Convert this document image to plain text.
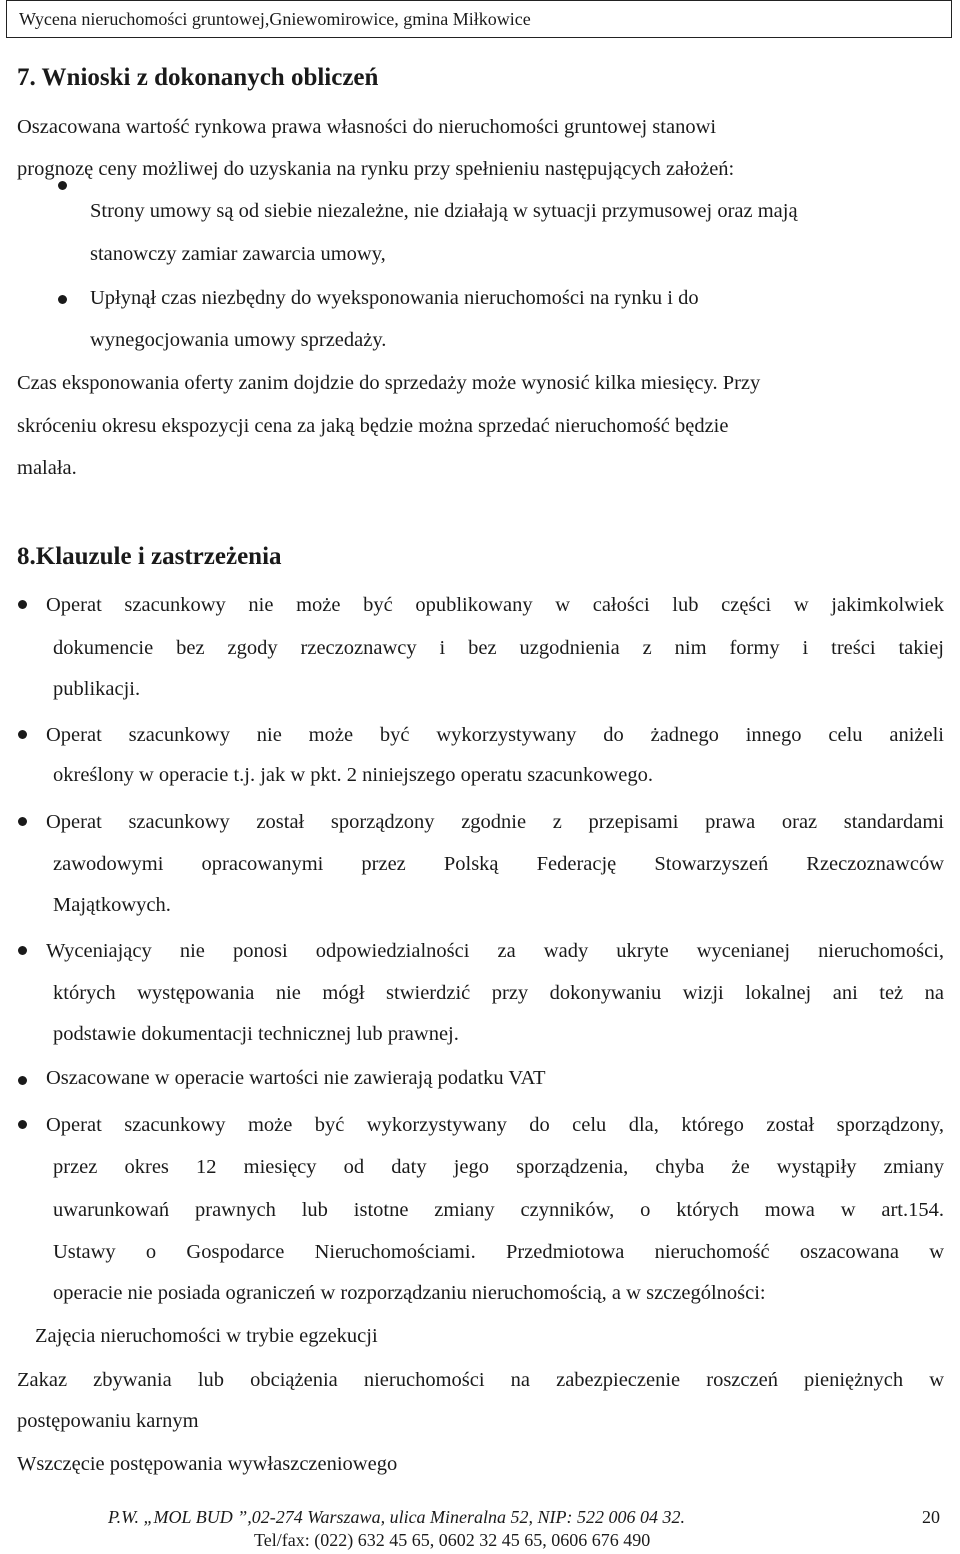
Wycena nieruchomości gruntowej,Gniewomirowice, gmina Miłkowice
7. Wnioski z dokonanych obliczeń
Oszacowana wartość rynkowa prawa własności do nieruchomości gruntowej stanowi
prognozę ceny możliwej do uzyskania na rynku przy spełnieniu następujących założeń:
Strony umowy są od siebie niezależne, nie działają w sytuacji przymusowej oraz mają
stanowczy zamiar zawarcia umowy,
Upłynął czas niezbędny do wyeksponowania nieruchomości na rynku i do
wynegocjowania umowy sprzedaży.
Czas eksponowania oferty zanim dojdzie do sprzedaży może wynosić kilka miesięcy. Przy
skróceniu okresu ekspozycji cena za jaką będzie można sprzedać nieruchomość będzie
malała.
8.Klauzule i zastrzeżenia
Operat szacunkowy nie może być opublikowany w całości lub części w jakimkolwiek
dokumencie bez zgody rzeczoznawcy i bez uzgodnienia z nim formy i treści takiej
publikacji.
Operat szacunkowy nie może być wykorzystywany do żadnego innego celu aniżeli
określony w operacie t.j. jak w pkt. 2 niniejszego operatu szacunkowego.
Operat szacunkowy został sporządzony zgodnie z przepisami prawa oraz standardami
zawodowymi opracowanymi przez Polską Federację Stowarzyszeń Rzeczoznawców
Majątkowych.
Wyceniający nie ponosi odpowiedzialności za wady ukryte wycenianej nieruchomości,
których występowania nie mógł stwierdzić przy dokonywaniu wizji lokalnej ani też na
podstawie dokumentacji technicznej lub prawnej.
Oszacowane w operacie wartości nie zawierają podatku VAT
Operat szacunkowy może być wykorzystywany do celu dla, którego został sporządzony,
przez okres 12 miesięcy od daty jego sporządzenia, chyba że wystąpiły zmiany
uwarunkowań prawnych lub istotne zmiany czynników, o których mowa w art.154.
Ustawy o Gospodarce Nieruchomościami. Przedmiotowa nieruchomość oszacowana w
operacie nie posiada ograniczeń w rozporządzaniu nieruchomością, a w szczególności:
Zajęcia nieruchomości w trybie egzekucji
Zakaz zbywania lub obciążenia nieruchomości na zabezpieczenie roszczeń pieniężnych w
postępowaniu karnym
Wszczęcie postępowania wywłaszczeniowego
P.W. „MOL BUD ”,02-274 Warszawa, ulica Mineralna 52, NIP: 522 006 04 32.
Tel/fax: (022) 632 45 65, 0602 32 45 65, 0606 676 490
20
